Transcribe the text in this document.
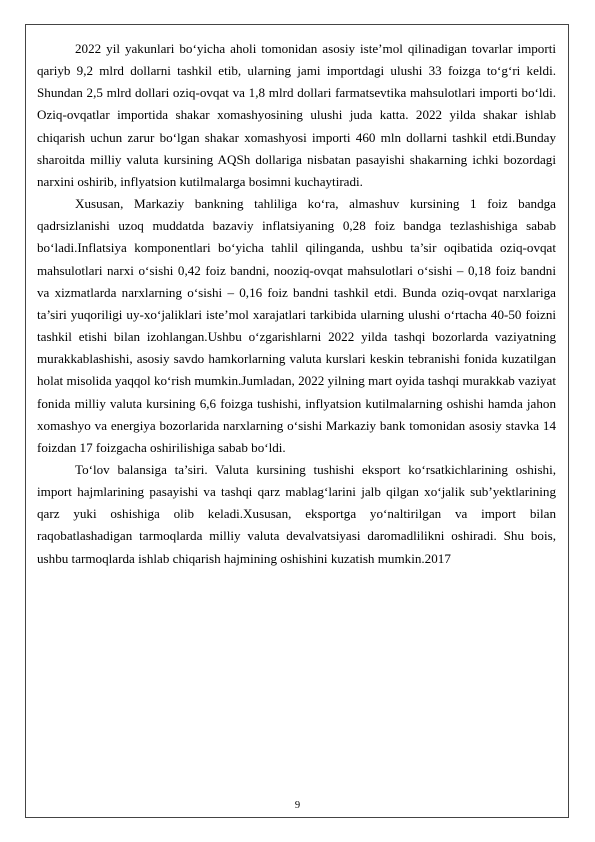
2022 yil yakunlari bo‘yicha aholi tomonidan asosiy iste’mol qilinadigan tovarlar importi qariyb 9,2 mlrd dollarni tashkil etib, ularning jami importdagi ulushi 33 foizga to‘g‘ri keldi. Shundan 2,5 mlrd dollari oziq-ovqat va 1,8 mlrd dollari farmatsevtika mahsulotlari importi bo‘ldi. Oziq-ovqatlar importida shakar xomashyosining ulushi juda katta. 2022 yilda shakar ishlab chiqarish uchun zarur bo‘lgan shakar xomashyosi importi 460 mln dollarni tashkil etdi.Bunday sharoitda milliy valuta kursining AQSh dollariga nisbatan pasayishi shakarning ichki bozordagi narxini oshirib, inflyatsion kutilmalarga bosimni kuchaytiradi.

Xususan, Markaziy bankning tahliliga ko‘ra, almashuv kursining 1 foiz bandga qadrsizlanishi uzoq muddatda bazaviy inflatsiyaning 0,28 foiz bandga tezlashishiga sabab bo‘ladi.Inflatsiya komponentlari bo‘yicha tahlil qilinganda, ushbu ta’sir oqibatida oziq-ovqat mahsulotlari narxi o‘sishi 0,42 foiz bandni, nooziq-ovqat mahsulotlari o‘sishi – 0,18 foiz bandni va xizmatlarda narxlarning o‘sishi – 0,16 foiz bandni tashkil etdi. Bunda oziq-ovqat narxlariga ta’siri yuqoriligi uy-xo‘jaliklari iste’mol xarajatlari tarkibida ularning ulushi o‘rtacha 40-50 foizni tashkil etishi bilan izohlangan.Ushbu o‘zgarishlarni 2022 yilda tashqi bozorlarda vaziyatning murakkablashishi, asosiy savdo hamkorlarning valuta kurslari keskin tebranishi fonida kuzatilgan holat misolida yaqqol ko‘rish mumkin.Jumladan, 2022 yilning mart oyida tashqi murakkab vaziyat fonida milliy valuta kursining 6,6 foizga tushishi, inflyatsion kutilmalarning oshishi hamda jahon xomashyo va energiya bozorlarida narxlarning o‘sishi Markaziy bank tomonidan asosiy stavka 14 foizdan 17 foizgacha oshirilishiga sabab bo‘ldi.

To‘lov balansiga ta’siri. Valuta kursining tushishi eksport ko‘rsatkichlarining oshishi, import hajmlarining pasayishi va tashqi qarz mablag‘larini jalb qilgan xo‘jalik sub’yektlarining qarz yuki oshishiga olib keladi.Xususan, eksportga yo‘naltirilgan va import bilan raqobatlashadigan tarmoqlarda milliy valuta devalvatsiyasi daromadlilikni oshiradi. Shu bois, ushbu tarmoqlarda ishlab chiqarish hajmining oshishini kuzatish mumkin.2017

9
